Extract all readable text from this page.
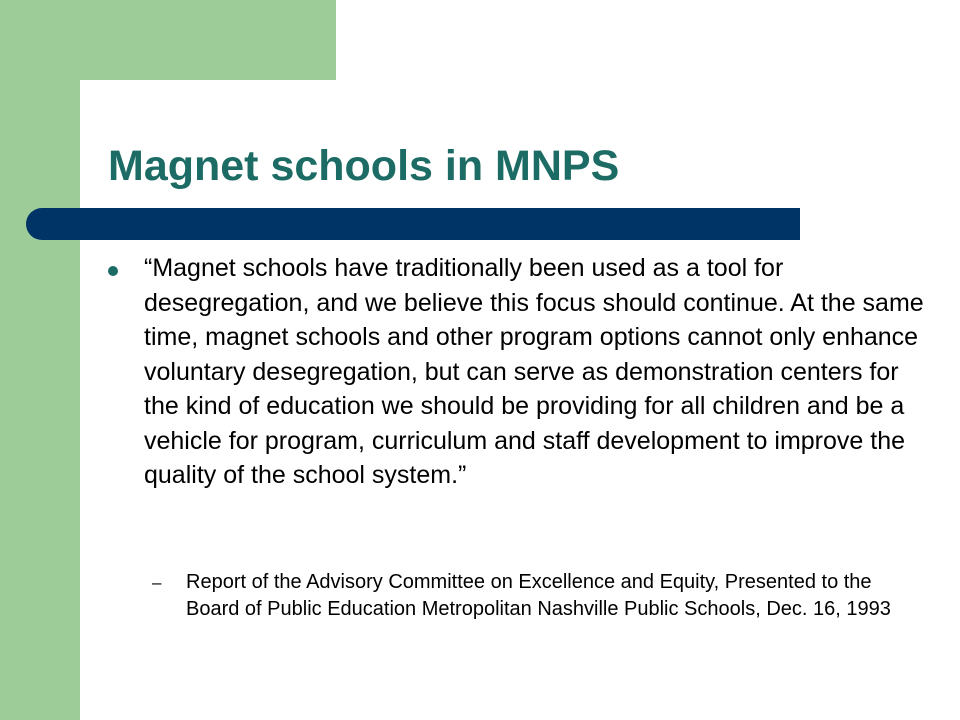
Magnet schools in MNPS

“Magnet schools have traditionally been used as a tool for desegregation, and we believe this focus should continue. At the same time, magnet schools and other program options cannot only enhance voluntary desegregation, but can serve as demonstration centers for the kind of education we should be providing for all children and be a vehicle for program, curriculum and staff development to improve the quality of the school system.”

– Report of the Advisory Committee on Excellence and Equity, Presented to the Board of Public Education Metropolitan Nashville Public Schools, Dec. 16, 1993
